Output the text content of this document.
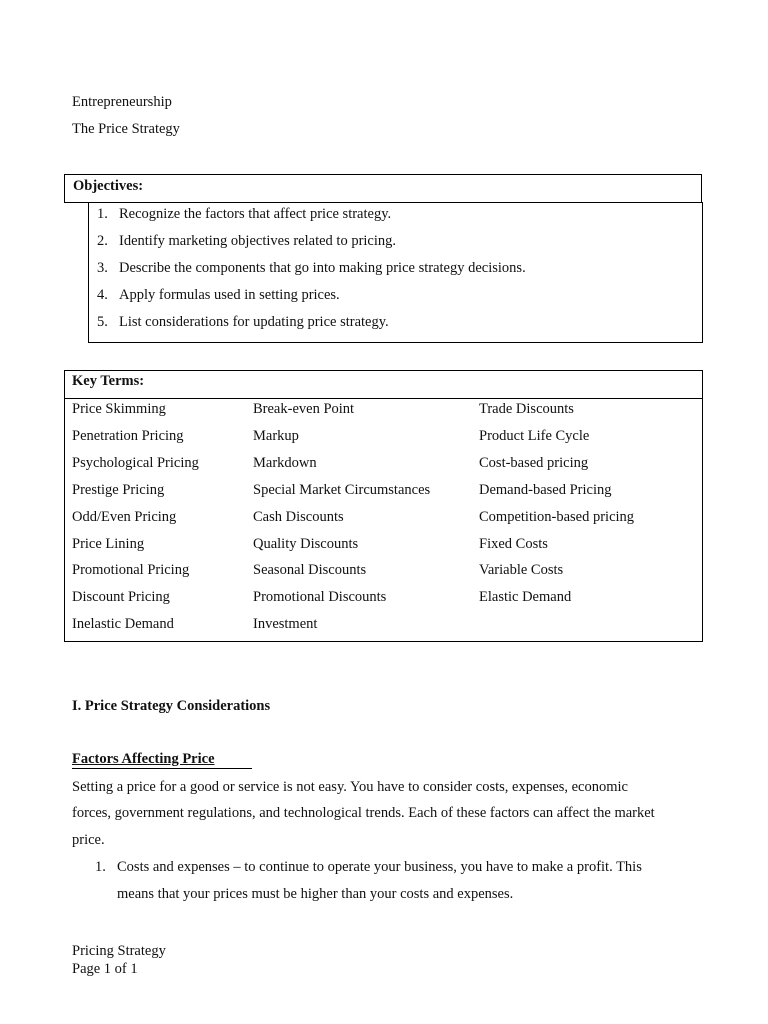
Entrepreneurship
The Price Strategy
Objectives:
1. Recognize the factors that affect price strategy.
2. Identify marketing objectives related to pricing.
3. Describe the components that go into making price strategy decisions.
4. Apply formulas used in setting prices.
5. List considerations for updating price strategy.
Key Terms:
Price Skimming
Penetration Pricing
Psychological Pricing
Prestige Pricing
Odd/Even Pricing
Price Lining
Promotional Pricing
Discount Pricing
Inelastic Demand
Break-even Point
Markup
Markdown
Special Market Circumstances
Cash Discounts
Quality Discounts
Seasonal Discounts
Promotional Discounts
Investment
Trade Discounts
Product Life Cycle
Cost-based pricing
Demand-based Pricing
Competition-based pricing
Fixed Costs
Variable Costs
Elastic Demand
I. Price Strategy Considerations
Factors Affecting Price
Setting a price for a good or service is not easy. You have to consider costs, expenses, economic
forces, government regulations, and technological trends. Each of these factors can affect the market
price.
1. Costs and expenses – to continue to operate your business, you have to make a profit. This
means that your prices must be higher than your costs and expenses.
Pricing Strategy
Page 1 of 1
